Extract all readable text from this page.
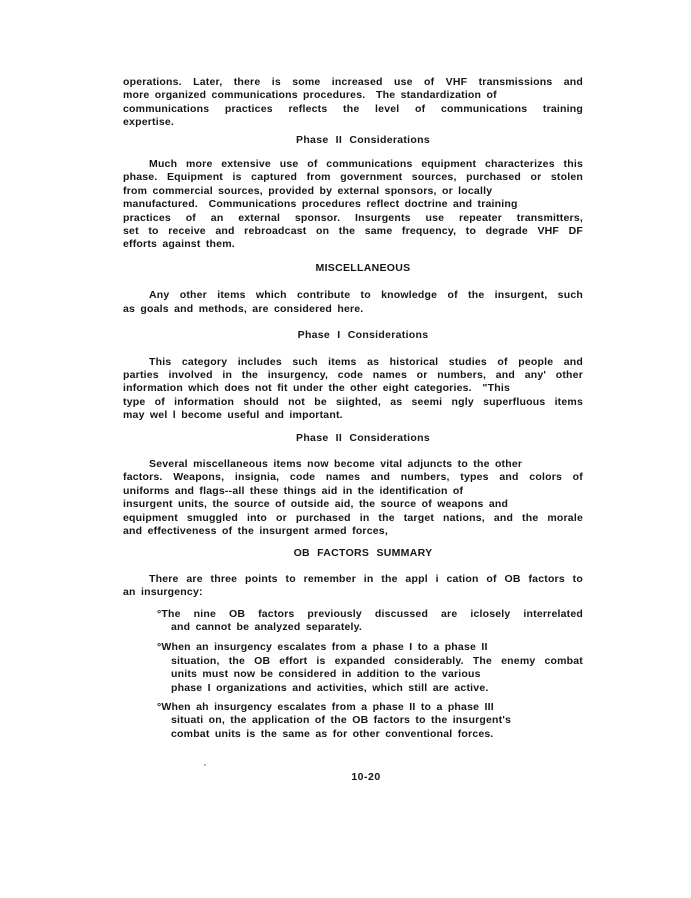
operations. Later, there is some increased use of VHF transmissions and
more organized communications procedures.  The standardization of
communications practices reflects the level of communications training
expertise.
Phase II Considerations
Much more extensive use of communications equipment characterizes this
phase. Equipment is captured from government sources, purchased or stolen
from commercial sources, provided by external sponsors, or locally
manufactured.  Communications procedures reflect doctrine and training
practices of an external sponsor. Insurgents use repeater transmitters,
set to receive and rebroadcast on the same frequency, to degrade VHF DF
efforts against them.
MISCELLANEOUS
Any other items which contribute to knowledge of the insurgent, such
as goals and methods, are considered here.
Phase I Considerations
This category includes such items as historical studies of people and
parties involved in the insurgency, code names or numbers, and any' other
information which does not fit under the other eight categories.  "This
type of information should not be siighted, as seemi ngly superfluous items
may wel l become useful and important.
Phase II Considerations
Several miscellaneous items now become vital adjuncts to the other
factors. Weapons, insignia, code names and numbers, types and colors of
uniforms and flags--all these things aid in the identification of
insurgent units, the source of outside aid, the source of weapons and
equipment smuggled into or purchased in the target nations, and the morale
and effectiveness of the insurgent armed forces,
OB FACTORS SUMMARY
There are three points to remember in the appl i cation of OB factors to
an insurgency:
°The nine OB factors previously discussed are iclosely interrelated
and cannot be analyzed separately.
°When an insurgency escalates from a phase I to a phase II
situation, the OB effort is expanded considerably. The enemy combat
units must now be considered in addition to the various
phase I organizations and activities, which still are active.
°When ah insurgency escalates from a phase II to a phase III
situati on, the application of the OB factors to the insurgent's
combat units is the same as for other conventional forces.
10-20
